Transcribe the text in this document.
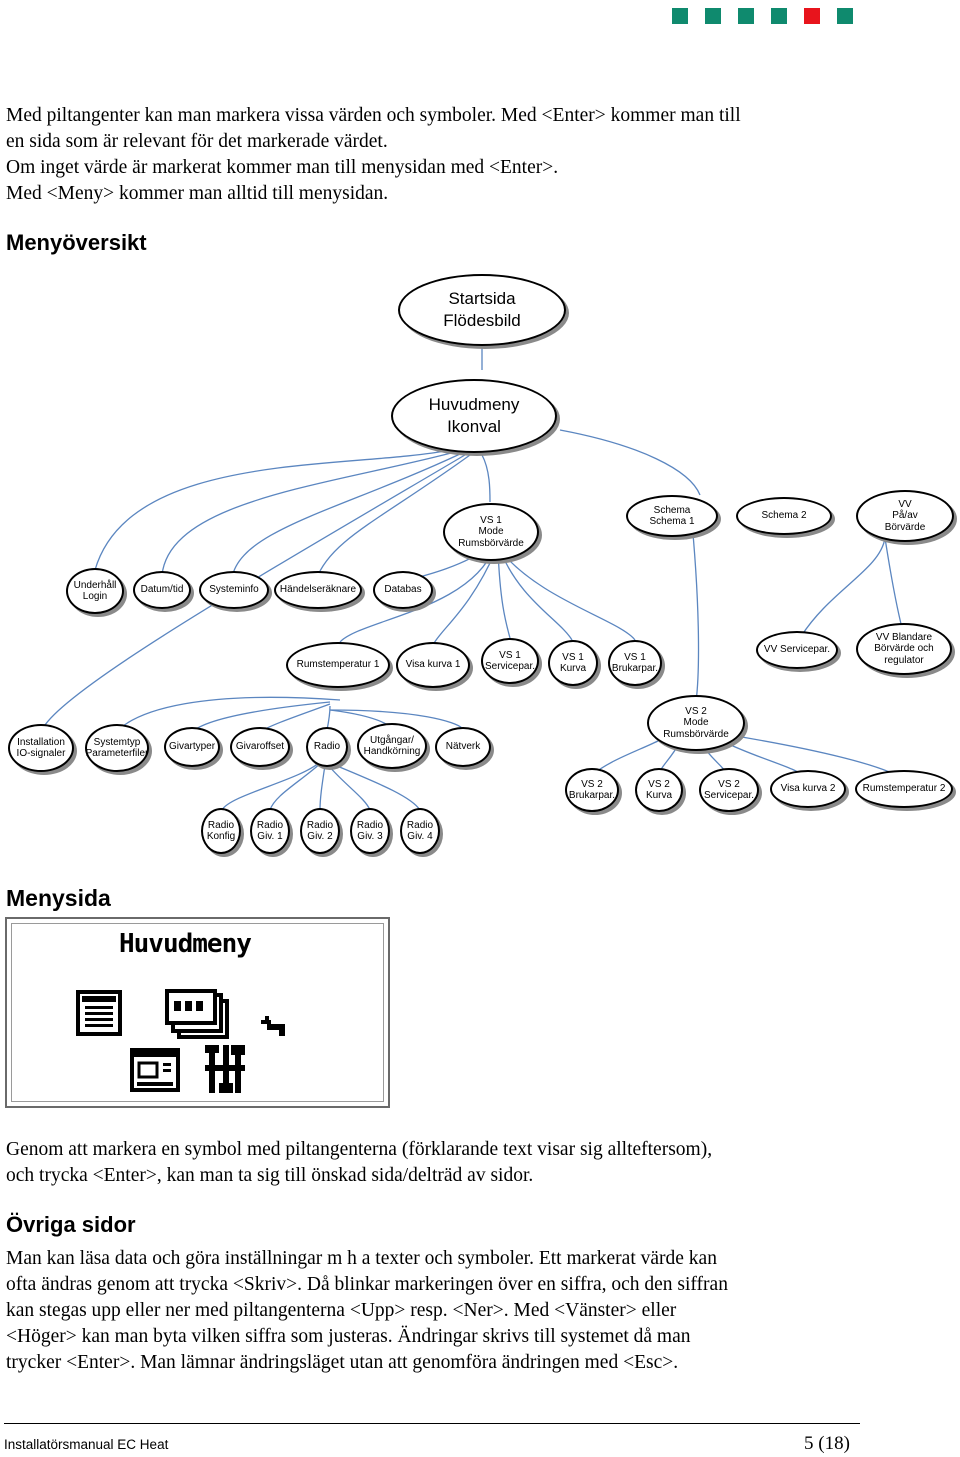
Med piltangenter kan man markera vissa värden och symboler. Med <Enter> kommer man till
en sida som är relevant för det markerade värdet.
Om inget värde är markerat kommer man till menysidan med <Enter>.
Med <Meny> kommer man alltid till menysidan.

Menyöversikt
Startsida
Flödesbild
Huvudmeny
Ikonval
VS 1
Mode
Rumsbörvärde
Schema
Schema 1
Schema 2
VV
På/av
Börvärde
Underhåll
Login
Datum/tid	Systeminfo Händelseräknare	Databas
Rumstemperatur 1	Visa kurva 1
VS 1
Servicepar.
VS 1
Kurva
VS 1
Brukarpar.
VV Servicepar.
VV Blandare
Börvärde och
regulator
Installation
IO-signaler
Systemtyp
Parameterfiler
Givartyper Givaroffset	Radio
Utgångar/
Handkörning	Nätverk
VS 2
Mode
Rumsbörvärde
VS 2
Brukarpar.
VS 2
Kurva
VS 2
Servicepar.
Visa kurva 2	Rumstemperatur 2
Radio
Konfig
Radio
Giv. 1
Radio
Giv. 2
Radio
Giv. 3
Radio
Giv. 4
Menysida
Huvudmeny

Genom att markera en symbol med piltangenterna (förklarande text visar sig allteftersom),
och trycka <Enter>, kan man ta sig till önskad sida/delträd av sidor.

Övriga sidor

Man kan läsa data och göra inställningar m h a texter och symboler. Ett markerat värde kan
ofta ändras genom att trycka <Skriv>. Då blinkar markeringen över en siffra, och den siffran
kan stegas upp eller ner med piltangenterna <Upp> resp. <Ner>. Med <Vänster> eller
<Höger> kan man byta vilken siffra som justeras. Ändringar skrivs till systemet då man
trycker <Enter>. Man lämnar ändringsläget utan att genomföra ändringen med <Esc>.

Installatörsmanual EC Heat	5 (18)
